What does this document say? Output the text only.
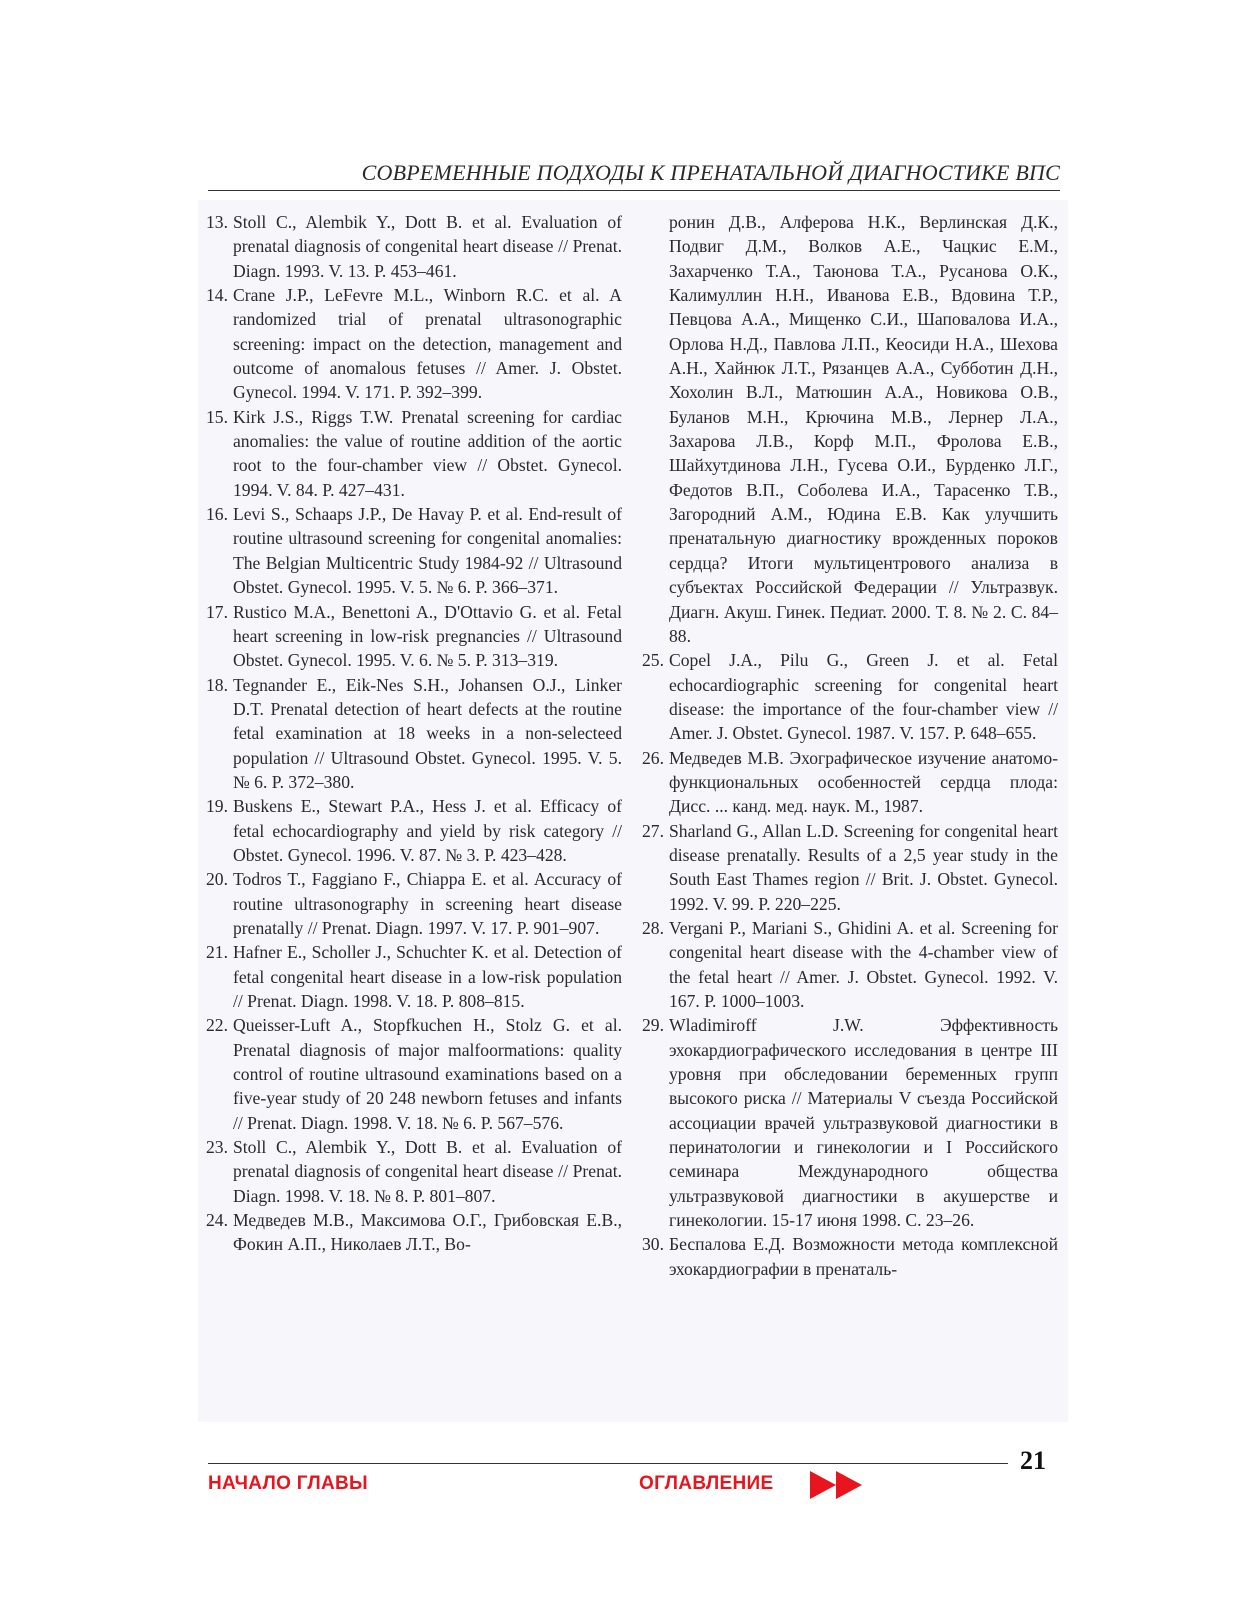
СОВРЕМЕННЫЕ ПОДХОДЫ К ПРЕНАТАЛЬНОЙ ДИАГНОСТИКЕ ВПС
13. Stoll C., Alembik Y., Dott B. et al. Evaluation of prenatal diagnosis of congenital heart disease // Prenat. Diagn. 1993. V. 13. P. 453–461.
14. Crane J.P., LeFevre M.L., Winborn R.C. et al. A randomized trial of prenatal ultrasonographic screening: impact on the detection, management and outcome of anomalous fetuses // Amer. J. Obstet. Gynecol. 1994. V. 171. P. 392–399.
15. Kirk J.S., Riggs T.W. Prenatal screening for cardiac anomalies: the value of routine addition of the aortic root to the four-chamber view // Obstet. Gynecol. 1994. V. 84. P. 427–431.
16. Levi S., Schaaps J.P., De Havay P. et al. End-result of routine ultrasound screening for congenital anomalies: The Belgian Multicentric Study 1984-92 // Ultrasound Obstet. Gynecol. 1995. V. 5. № 6. P. 366–371.
17. Rustico M.A., Benettoni A., D'Ottavio G. et al. Fetal heart screening in low-risk pregnancies // Ultrasound Obstet. Gynecol. 1995. V. 6. № 5. P. 313–319.
18. Tegnander E., Eik-Nes S.H., Johansen O.J., Linker D.T. Prenatal detection of heart defects at the routine fetal examination at 18 weeks in a non-selecteed population // Ultrasound Obstet. Gynecol. 1995. V. 5. № 6. P. 372–380.
19. Buskens E., Stewart P.A., Hess J. et al. Efficacy of fetal echocardiography and yield by risk category // Obstet. Gynecol. 1996. V. 87. № 3. P. 423–428.
20. Todros T., Faggiano F., Chiappa E. et al. Accuracy of routine ultrasonography in screening heart disease prenatally // Prenat. Diagn. 1997. V. 17. P. 901–907.
21. Hafner E., Scholler J., Schuchter K. et al. Detection of fetal congenital heart disease in a low-risk population // Prenat. Diagn. 1998. V. 18. P. 808–815.
22. Queisser-Luft A., Stopfkuchen H., Stolz G. et al. Prenatal diagnosis of major malfoormations: quality control of routine ultrasound examinations based on a five-year study of 20 248 newborn fetuses and infants // Prenat. Diagn. 1998. V. 18. № 6. P. 567–576.
23. Stoll C., Alembik Y., Dott B. et al. Evaluation of prenatal diagnosis of congenital heart disease // Prenat. Diagn. 1998. V. 18. № 8. P. 801–807.
24. Медведев М.В., Максимова О.Г., Грибовская Е.В., Фокин А.П., Николаев Л.Т., Во-
ронин Д.В., Алферова Н.К., Верлинская Д.К., Подвиг Д.М., Волков А.Е., Чацкис Е.М., Захарченко Т.А., Таюнова Т.А., Русанова О.К., Калимуллин Н.Н., Иванова Е.В., Вдовина Т.Р., Певцова А.А., Мищенко С.И., Шаповалова И.А., Орлова Н.Д., Павлова Л.П., Кеосиди Н.А., Шехова А.Н., Хайнюк Л.Т., Рязанцев А.А., Субботин Д.Н., Хохолин В.Л., Матюшин А.А., Новикова О.В., Буланов М.Н., Крючина М.В., Лернер Л.А., Захарова Л.В., Корф М.П., Фролова Е.В., Шайхутдинова Л.Н., Гусева О.И., Бурденко Л.Г., Федотов В.П., Соболева И.А., Тарасенко Т.В., Загородний А.М., Юдина Е.В. Как улучшить пренатальную диагностику врожденных пороков сердца? Итоги мультицентрового анализа в субъектах Российской Федерации // Ультразвук. Диагн. Акуш. Гинек. Педиат. 2000. Т. 8. № 2. С. 84–88.
25. Copel J.A., Pilu G., Green J. et al. Fetal echocardiographic screening for congenital heart disease: the importance of the four-chamber view // Amer. J. Obstet. Gynecol. 1987. V. 157. P. 648–655.
26. Медведев М.В. Эхографическое изучение анатомо-функциональных особенностей сердца плода: Дисс. ... канд. мед. наук. М., 1987.
27. Sharland G., Allan L.D. Screening for congenital heart disease prenatally. Results of a 2,5 year study in the South East Thames region // Brit. J. Obstet. Gynecol. 1992. V. 99. P. 220–225.
28. Vergani P., Mariani S., Ghidini A. et al. Screening for congenital heart disease with the 4-chamber view of the fetal heart // Amer. J. Obstet. Gynecol. 1992. V. 167. P. 1000–1003.
29. Wladimiroff J.W. Эффективность эхокардиографического исследования в центре III уровня при обследовании беременных групп высокого риска // Материалы V съезда Российской ассоциации врачей ультразвуковой диагностики в перинатологии и гинекологии и I Российского семинара Международного общества ультразвуковой диагностики в акушерстве и гинекологии. 15-17 июня 1998. С. 23–26.
30. Беспалова Е.Д. Возможности метода комплексной эхокардиографии в пренаталь-
21
НАЧАЛО ГЛАВЫ	ОГЛАВЛЕНИЕ
